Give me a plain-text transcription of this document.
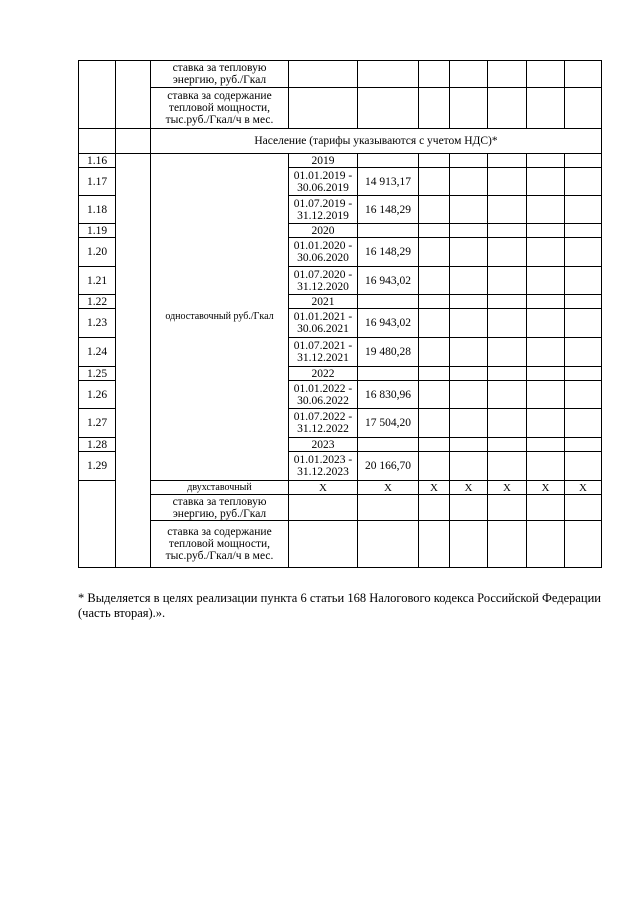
		ставка за тепловую энергию, руб./Гкал							
		ставка за содержание тепловой мощности, тыс.руб./Гкал/ч в мес.							
		Население (тарифы указываются с учетом НДС)*							
1.16		одноставочный руб./Гкал	2019						
1.17			01.01.2019 - 30.06.2019	14 913,17					
1.18			01.07.2019 - 31.12.2019	16 148,29					
1.19			2020						
1.20			01.01.2020 - 30.06.2020	16 148,29					
1.21			01.07.2020 - 31.12.2020	16 943,02					
1.22			2021						
1.23			01.01.2021 - 30.06.2021	16 943,02					
1.24			01.07.2021 - 31.12.2021	19 480,28					
1.25			2022						
1.26			01.01.2022 - 30.06.2022	16 830,96					
1.27			01.07.2022 - 31.12.2022	17 504,20					
1.28			2023						
1.29			01.01.2023 - 31.12.2023	20 166,70					
		двухставочный	Х	Х	Х	Х	Х	Х	Х
		ставка за тепловую энергию, руб./Гкал							
		ставка за содержание тепловой мощности, тыс.руб./Гкал/ч в мес.							
* Выделяется в целях реализации пункта 6 статьи 168 Налогового кодекса Российской Федерации (часть вторая).».
